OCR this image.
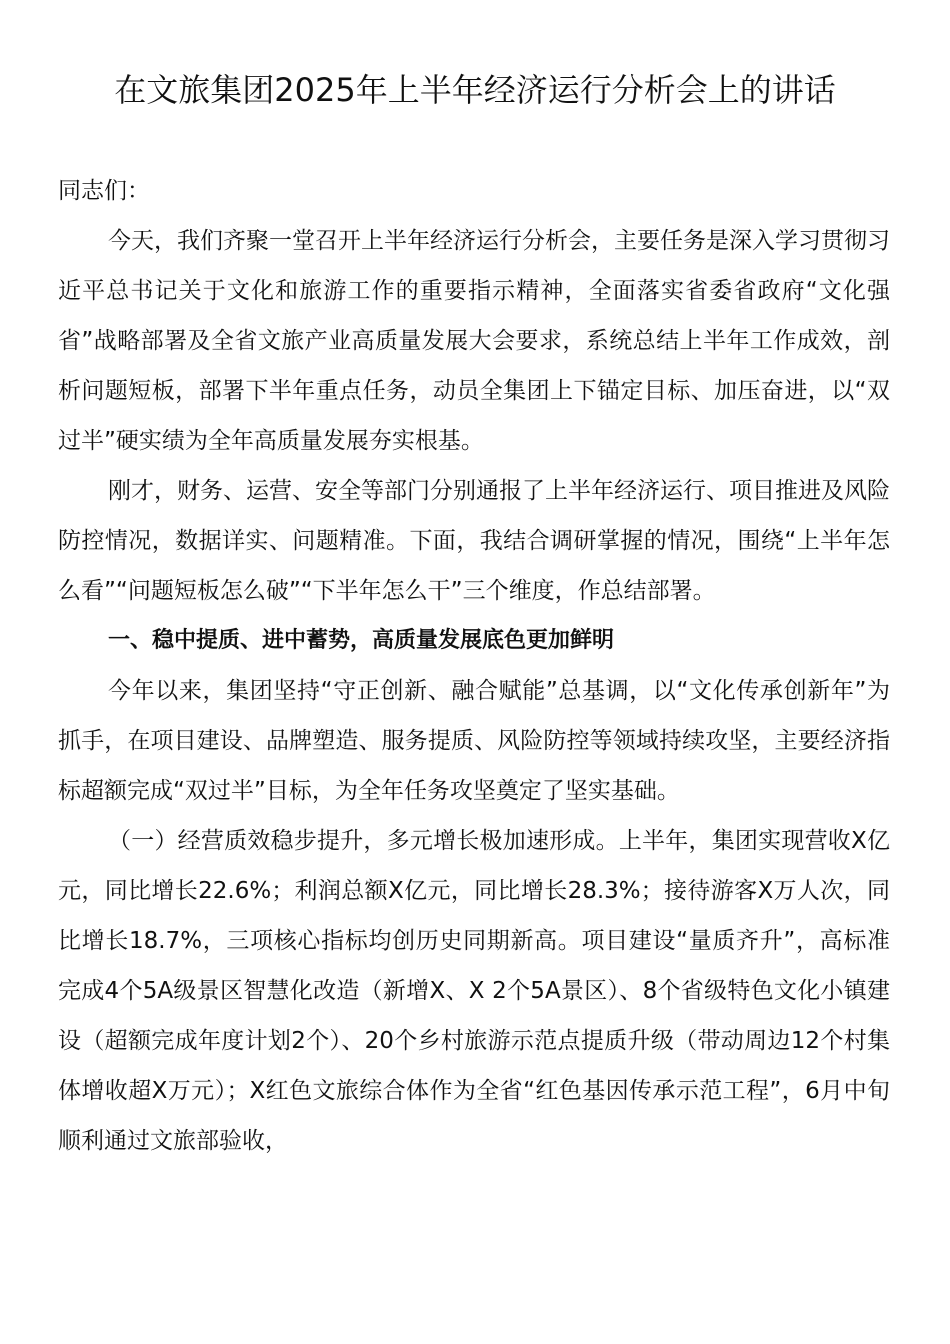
在文旅集团2025年上半年经济运行分析会上的讲话

同志们：

今天，我们齐聚一堂召开上半年经济运行分析会，主要任务是深入学习贯彻习近平总书记关于文化和旅游工作的重要指示精神，全面落实省委省政府“文化强省”战略部署及全省文旅产业高质量发展大会要求，系统总结上半年工作成效，剖析问题短板，部署下半年重点任务，动员全集团上下锚定目标、加压奋进，以“双过半”硬实绩为全年高质量发展夯实根基。

刚才，财务、运营、安全等部门分别通报了上半年经济运行、项目推进及风险防控情况，数据详实、问题精准。下面，我结合调研掌握的情况，围绕“上半年怎么看”“问题短板怎么破”“下半年怎么干”三个维度，作总结部署。

一、稳中提质、进中蓄势，高质量发展底色更加鲜明

今年以来，集团坚持“守正创新、融合赋能”总基调，以“文化传承创新年”为抓手，在项目建设、品牌塑造、服务提质、风险防控等领域持续攻坚，主要经济指标超额完成“双过半”目标，为全年任务攻坚奠定了坚实基础。

（一）经营质效稳步提升，多元增长极加速形成。上半年，集团实现营收X亿元，同比增长22.6%；利润总额X亿元，同比增长28.3%；接待游客X万人次，同比增长18.7%，三项核心指标均创历史同期新高。项目建设“量质齐升”，高标准完成4个5A级景区智慧化改造（新增X、X 2个5A景区）、8个省级特色文化小镇建设（超额完成年度计划2个）、20个乡村旅游示范点提质升级（带动周边12个村集体增收超X万元）；X红色文旅综合体作为全省“红色基因传承示范工程”，6月中旬顺利通过文旅部验收，
